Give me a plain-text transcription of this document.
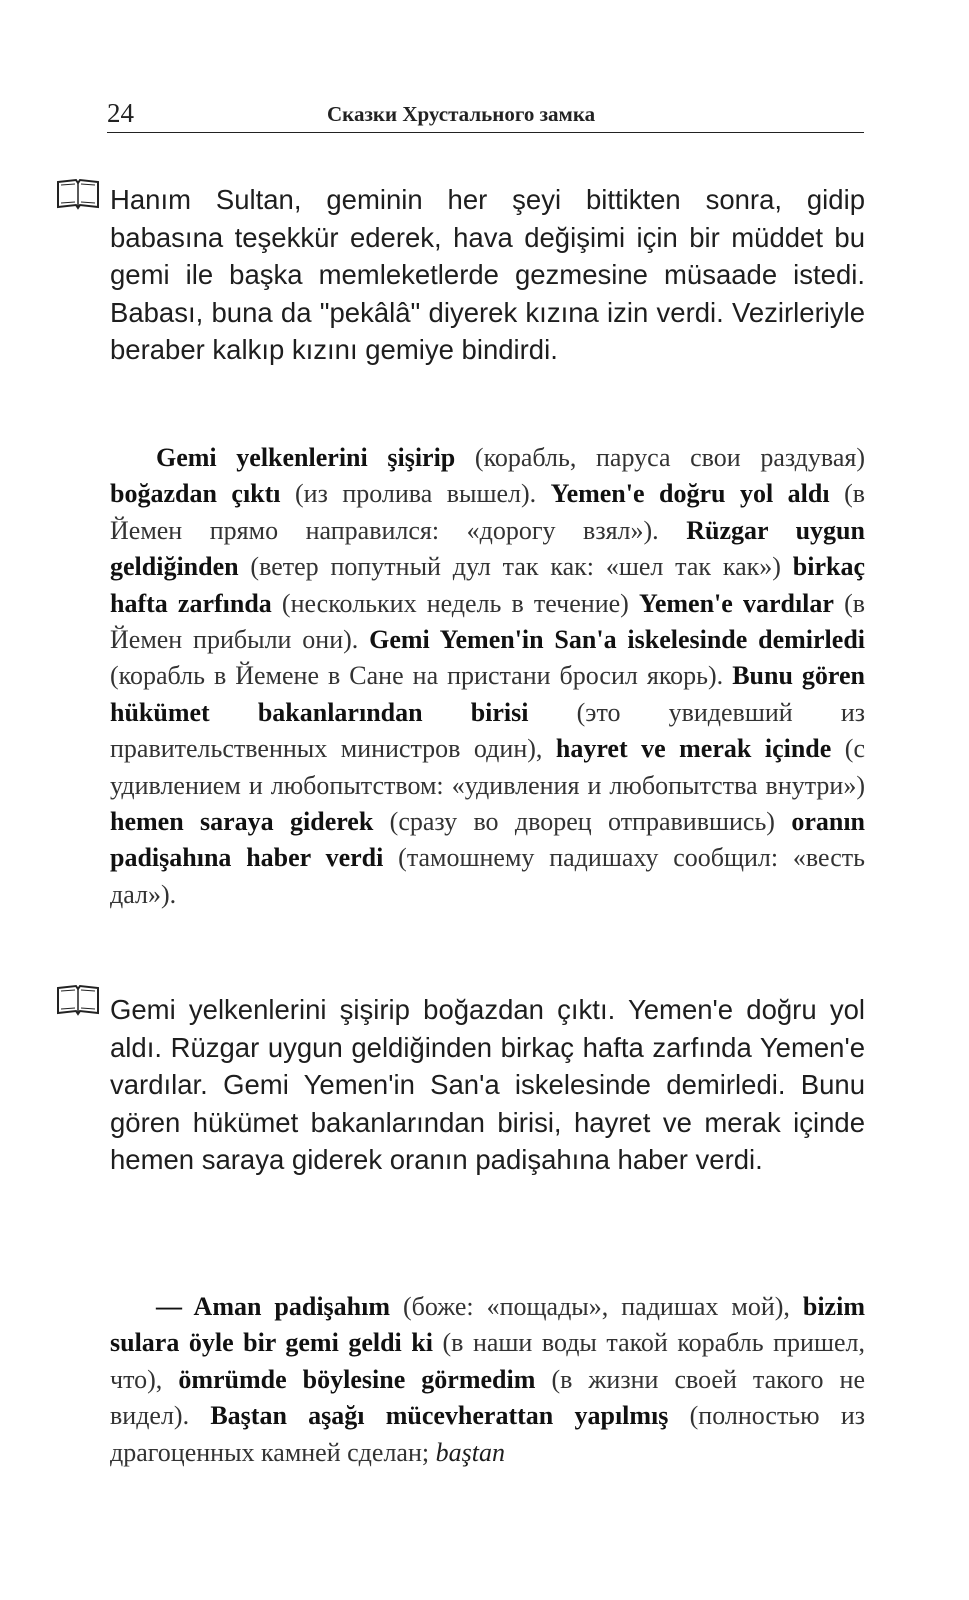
24	Сказки Хрустального замка
Hanım Sultan, geminin her şeyi bittikten sonra, gidip babasına teşekkür ederek, hava değişimi için bir müddet bu gemi ile başka memleketlerde gezmesine müsaade istedi. Babası, buna da "pekâlâ" diyerek kızına izin verdi. Vezirleriyle beraber kalkıp kızını gemiye bindirdi.
Gemi yelkenlerini şişirip (корабль, паруса свои раздувая) boğazdan çıktı (из пролива вышел). Yemen'e doğru yol aldı (в Йемен прямо направился: «дорогу взял»). Rüzgar uygun geldiğinden (ветер попутный дул так как: «шел так как») birkaç hafta zarfında (нескольких недель в течение) Yemen'e vardılar (в Йемен прибыли они). Gemi Yemen'in San'a iskelesinde demirledi (корабль в Йемене в Сане на пристани бросил якорь). Bunu gören hükümet bakanlarından birisi (это увидевший из правительственных министров один), hayret ve merak içinde (с удивлением и любопытством: «удивления и любопытства внутри») hemen saraya giderek (сразу во дворец отправившись) oranın padişahına haber verdi (тамошнему падишаху сообщил: «весть дал»).
Gemi yelkenlerini şişirip boğazdan çıktı. Yemen'e doğru yol aldı. Rüzgar uygun geldiğinden birkaç hafta zarfında Yemen'e vardılar. Gemi Yemen'in San'a iskelesinde demirledi. Bunu gören hükümet bakanlarından birisi, hayret ve merak içinde hemen saraya giderek oranın padişahına haber verdi.
— Aman padişahım (боже: «пощады», падишах мой), bizim sulara öyle bir gemi geldi ki (в наши воды такой корабль пришел, что), ömrümde böylesine görmedim (в жизни своей такого не видел). Baştan aşağı mücevherattan yapılmış (полностью из драгоценных камней сделан; baştan
